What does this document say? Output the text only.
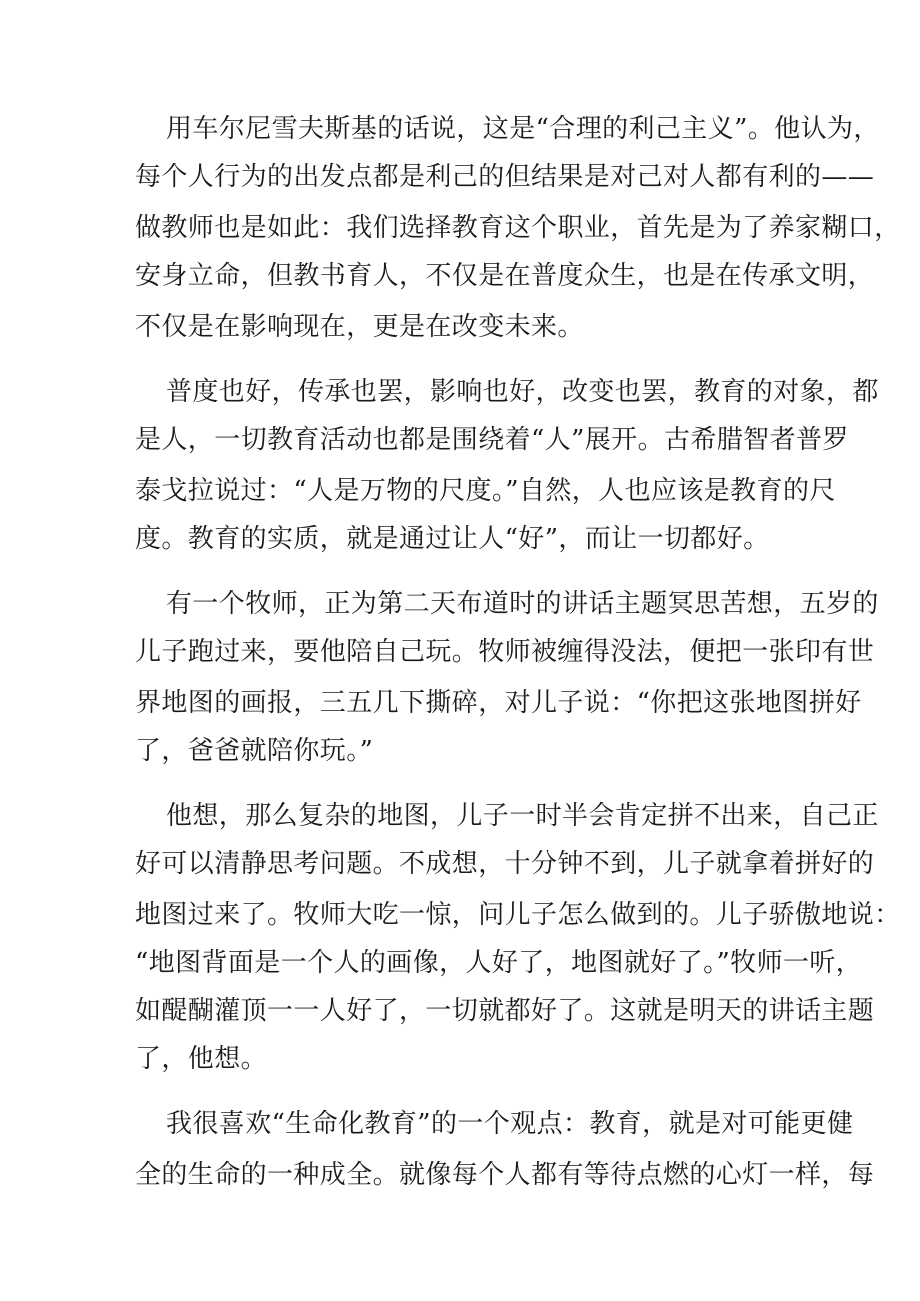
用车尔尼雪夫斯基的话说，这是“合理的利己主义”。他认为，
每个人行为的出发点都是利己的但结果是对己对人都有利的——
做教师也是如此：我们选择教育这个职业，首先是为了养家糊口，
安身立命，但教书育人，不仅是在普度众生，也是在传承文明，
不仅是在影响现在，更是在改变未来。
普度也好，传承也罢，影响也好，改变也罢，教育的对象，都
是人，一切教育活动也都是围绕着“人”展开。古希腊智者普罗
泰戈拉说过：“人是万物的尺度。”自然，人也应该是教育的尺
度。教育的实质，就是通过让人“好”，而让一切都好。
有一个牧师，正为第二天布道时的讲话主题冥思苦想，五岁的
儿子跑过来，要他陪自己玩。牧师被缠得没法，便把一张印有世
界地图的画报，三五几下撕碎，对儿子说：“你把这张地图拼好
了，爸爸就陪你玩。”
他想，那么复杂的地图，儿子一时半会肯定拼不出来，自己正
好可以清静思考问题。不成想，十分钟不到，儿子就拿着拼好的
地图过来了。牧师大吃一惊，问儿子怎么做到的。儿子骄傲地说：
“地图背面是一个人的画像，人好了，地图就好了。”牧师一听，
如醍醐灌顶一一人好了，一切就都好了。这就是明天的讲话主题
了，他想。
我很喜欢“生命化教育”的一个观点：教育，就是对可能更健
全的生命的一种成全。就像每个人都有等待点燃的心灯一样，每
